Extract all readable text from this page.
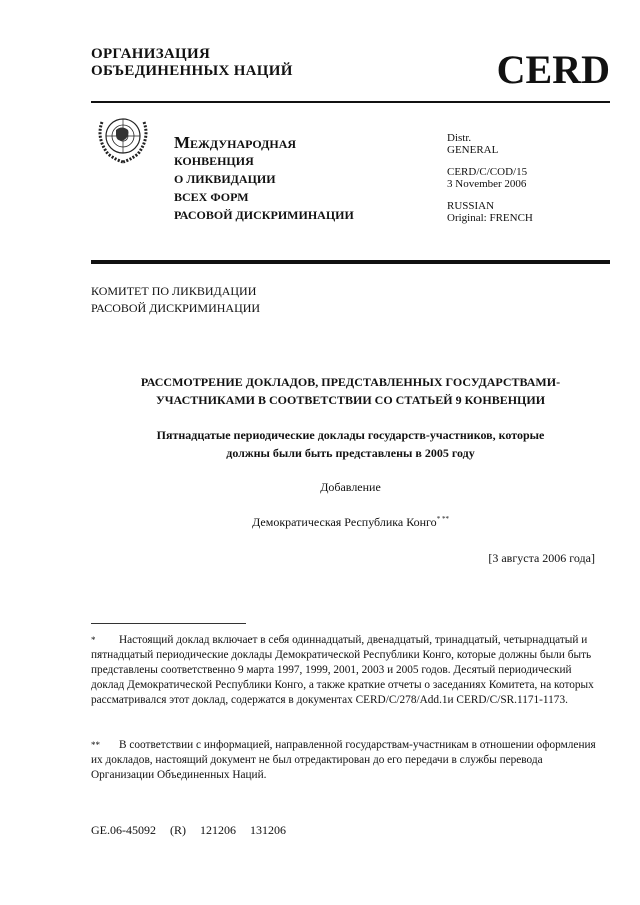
ОРГАНИЗАЦИЯ
ОБЪЕДИНЕННЫХ НАЦИЙ	CERD
Международная
КОНВЕНЦИЯ
О ЛИКВИДАЦИИ
ВСЕХ ФОРМ
РАСОВОЙ ДИСКРИМИНАЦИИ

Distr.
GENERAL

CERD/C/COD/15
3 November 2006

RUSSIAN
Original: FRENCH

КОМИТЕТ ПО ЛИКВИДАЦИИ
РАСОВОЙ ДИСКРИМИНАЦИИ
РАССМОТРЕНИЕ ДОКЛАДОВ, ПРЕДСТАВЛЕННЫХ ГОСУДАРСТВАМИ-
УЧАСТНИКАМИ В СООТВЕТСТВИИ СО СТАТЬЕЙ 9 КОНВЕНЦИИ
Пятнадцатые периодические доклады государств-участников, которые
должны были быть представлены в 2005 году
Добавление
Демократическая Республика Конго* **
[3 августа 2006 года]
* Настоящий доклад включает в себя одиннадцатый, двенадцатый, тринадцатый, четырнадцатый и пятнадцатый периодические доклады Демократической Республики Конго, которые должны были быть представлены соответственно 9 марта 1997, 1999, 2001, 2003 и 2005 годов. Десятый периодический доклад Демократической Республики Конго, а также краткие отчеты о заседаниях Комитета, на которых рассматривался этот доклад, содержатся в документах CERD/C/278/Add.1и CERD/C/SR.1171-1173.
** В соответствии с информацией, направленной государствам-участникам в отношении оформления их докладов, настоящий документ не был отредактирован до его передачи в службы перевода Организации Объединенных Наций.
GE.06-45092 (R) 121206 131206
